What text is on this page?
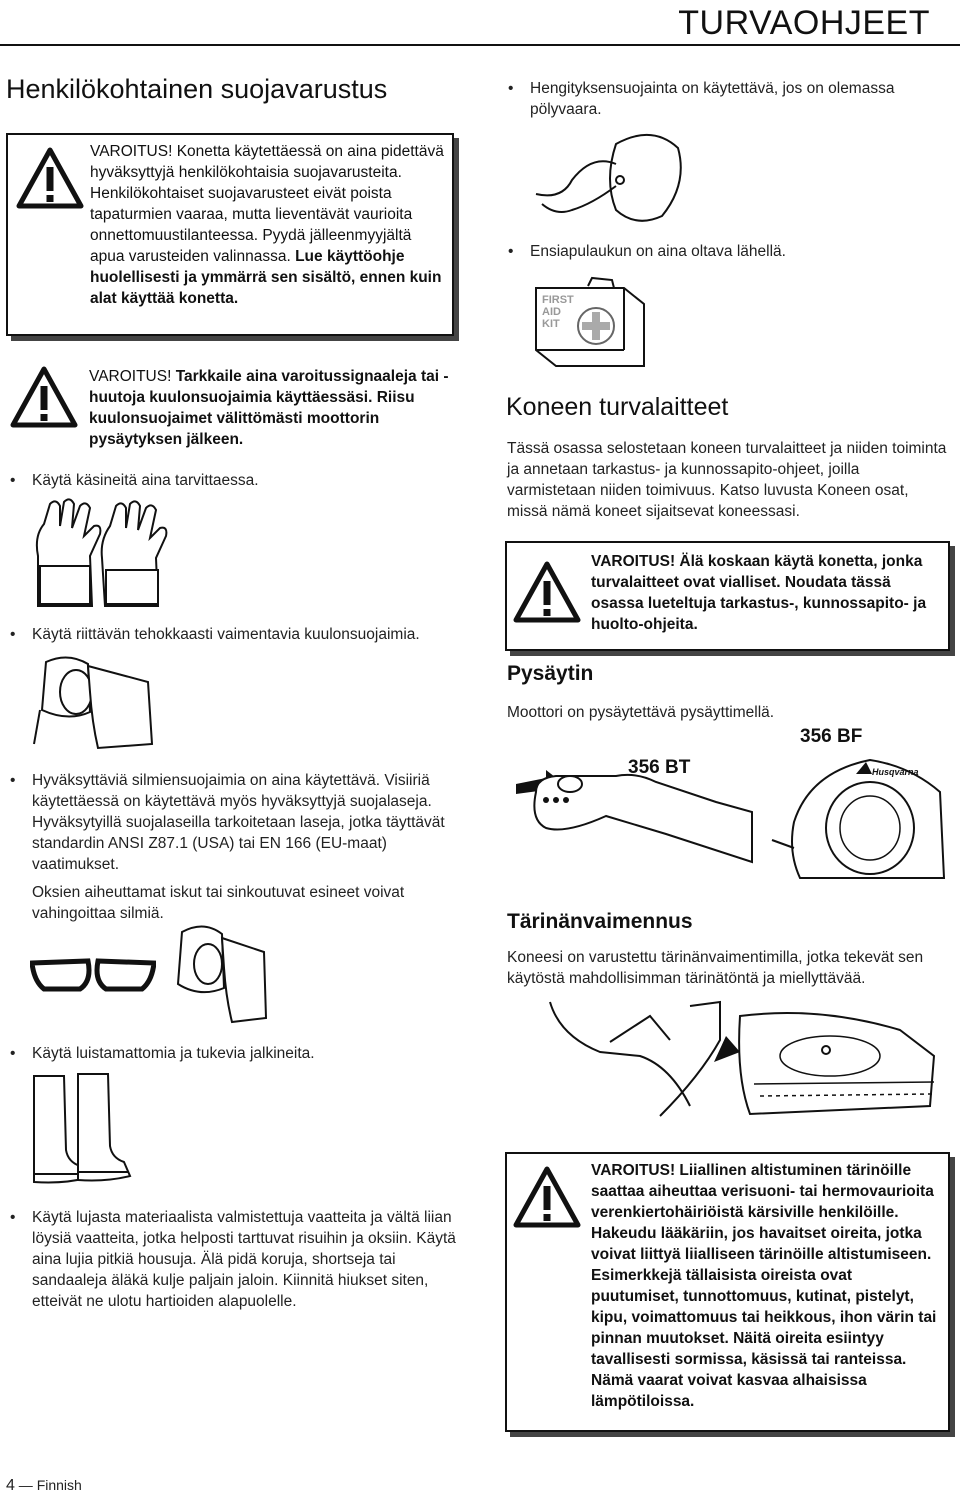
TURVAOHJEET
Henkilökohtainen suojavarustus
VAROITUS! Konetta käytettäessä on aina pidettävä hyväksyttyjä henkilökohtaisia suojavarusteita. Henkilökohtaiset suojavarusteet eivät poista tapaturmien vaaraa, mutta lieventävät vaurioita onnettomuustilanteessa. Pyydä jälleenmyyjältä apua varusteiden valinnassa. Lue käyttöohje huolellisesti ja ymmärrä sen sisältö, ennen kuin alat käyttää konetta.
VAROITUS! Tarkkaile aina varoitussignaaleja tai -huutoja kuulonsuojaimia käyttäessäsi. Riisu kuulonsuojaimet välittömästi moottorin pysäytyksen jälkeen.
• Käytä käsineitä aina tarvittaessa.
• Käytä riittävän tehokkaasti vaimentavia kuulonsuojaimia.
• Hyväksyttäviä silmiensuojaimia on aina käytettävä. Visiiriä käytettäessä on käytettävä myös hyväksyttyjä suojalaseja. Hyväksytyillä suojalaseilla tarkoitetaan laseja, jotka täyttävät standardin ANSI Z87.1 (USA) tai EN 166 (EU-maat) vaatimukset.
Oksien aiheuttamat iskut tai sinkoutuvat esineet voivat vahingoittaa silmiä.
• Käytä luistamattomia ja tukevia jalkineita.
• Käytä lujasta materiaalista valmistettuja vaatteita ja vältä liian löysiä vaatteita, jotka helposti tarttuvat risuihin ja oksiin. Käytä aina lujia pitkiä housuja. Älä pidä koruja, shortseja tai sandaaleja äläkä kulje paljain jaloin. Kiinnitä hiukset siten, etteivät ne ulotu hartioiden alapuolelle.
• Hengityksensuojainta on käytettävä, jos on olemassa pölyvaara.
• Ensiapulaukun on aina oltava lähellä.
FIRST
AID
KIT
Koneen turvalaitteet
Tässä osassa selostetaan koneen turvalaitteet ja niiden toiminta ja annetaan tarkastus- ja kunnossapito-ohjeet, joilla varmistetaan niiden toimivuus. Katso luvusta Koneen osat, missä nämä koneet sijaitsevat koneessasi.
VAROITUS! Älä koskaan käytä konetta, jonka turvalaitteet ovat vialliset. Noudata tässä osassa lueteltuja tarkastus-, kunnossapito- ja huolto-ohjeita.
Pysäytin
Moottori on pysäytettävä pysäyttimellä.
356 BT
356 BF
Husqvarna
Tärinänvaimennus
Koneesi on varustettu tärinänvaimentimilla, jotka tekevät sen käytöstä mahdollisimman tärinätöntä ja miellyttävää.
VAROITUS! Liiallinen altistuminen tärinöille saattaa aiheuttaa verisuoni- tai hermovaurioita verenkiertohäiriöistä kärsiville henkilöille. Hakeudu lääkäriin, jos havaitset oireita, jotka voivat liittyä liialliseen tärinöille altistumiseen. Esimerkkejä tällaisista oireista ovat puutumiset, tunnottomuus, kutinat, pistelyt, kipu, voimattomuus tai heikkous, ihon värin tai pinnan muutokset. Näitä oireita esiintyy tavallisesti sormissa, käsissä tai ranteissa. Nämä vaarat voivat kasvaa alhaisissa lämpötiloissa.
4 — Finnish
